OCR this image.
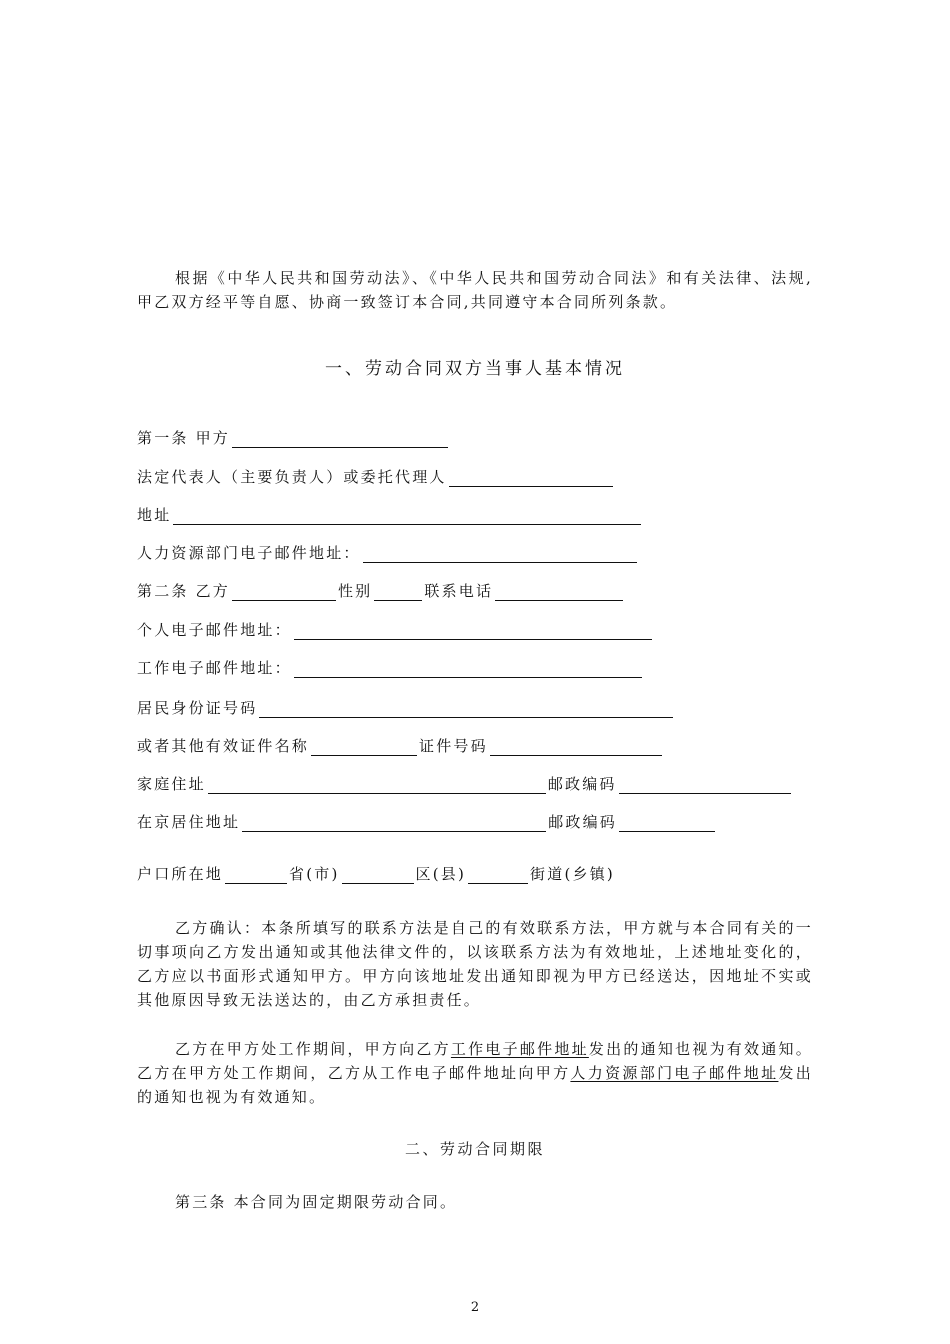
根据《中华人民共和国劳动法》、《中华人民共和国劳动合同法》和有关法律、法规,甲乙双方经平等自愿、协商一致签订本合同,共同遵守本合同所列条款。
一、劳动合同双方当事人基本情况
第一条 甲方
法定代表人（主要负责人）或委托代理人
地址
人力资源部门电子邮件地址：
第二条 乙方	性别	联系电话
个人电子邮件地址：
工作电子邮件地址：
居民身份证号码
或者其他有效证件名称	证件号码
家庭住址	邮政编码
在京居住地址	邮政编码
户口所在地	省(市)	区(县)	街道(乡镇)
乙方确认：本条所填写的联系方法是自己的有效联系方法，甲方就与本合同有关的一切事项向乙方发出通知或其他法律文件的，以该联系方法为有效地址，上述地址变化的，乙方应以书面形式通知甲方。甲方向该地址发出通知即视为甲方已经送达，因地址不实或其他原因导致无法送达的，由乙方承担责任。
乙方在甲方处工作期间，甲方向乙方工作电子邮件地址发出的通知也视为有效通知。乙方在甲方处工作期间，乙方从工作电子邮件地址向甲方人力资源部门电子邮件地址发出的通知也视为有效通知。
二、劳动合同期限
第三条 本合同为固定期限劳动合同。
2
